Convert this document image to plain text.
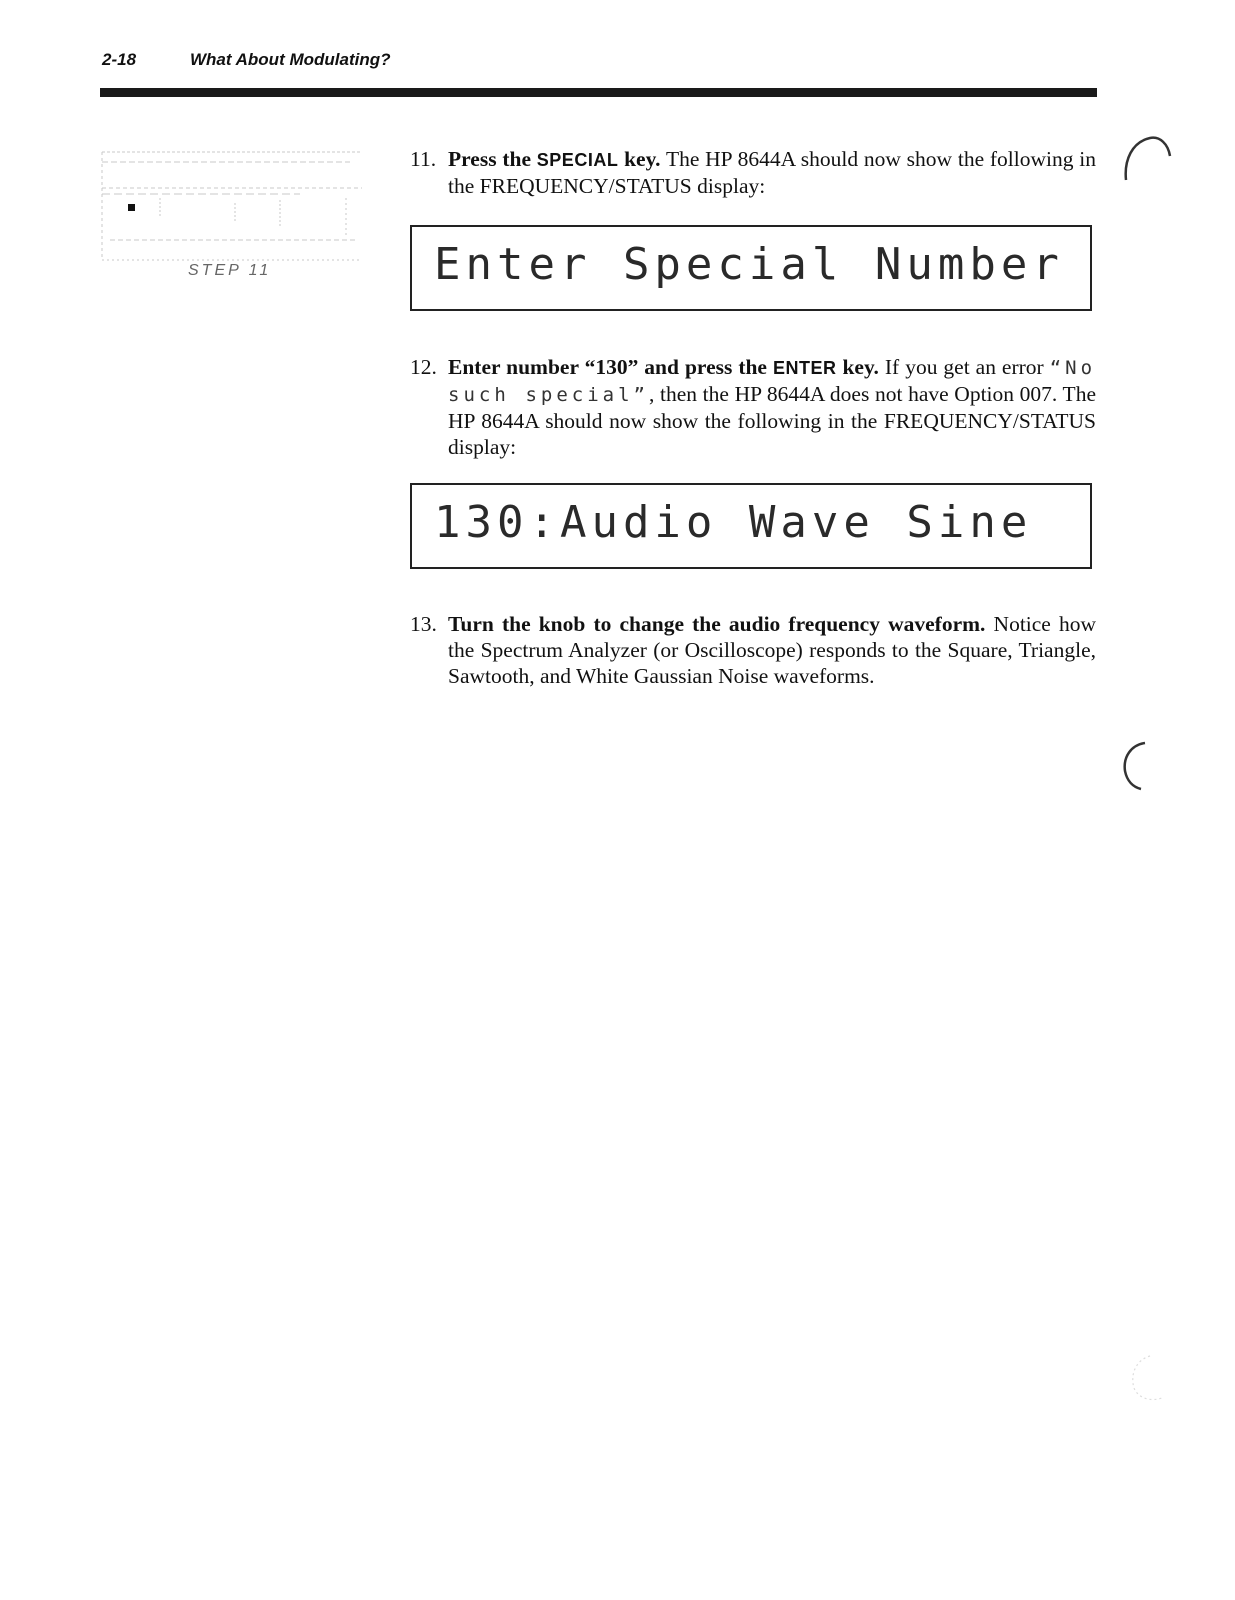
2-18	What About Modulating?
STEP 11
11. Press the SPECIAL key. The HP 8644A should now show the following in the FREQUENCY/STATUS display:
Enter Special Number
12. Enter number “130” and press the ENTER key. If you get an error “No such special”, then the HP 8644A does not have Option 007. The HP 8644A should now show the following in the FREQUENCY/STATUS display:
130:Audio Wave Sine
13. Turn the knob to change the audio frequency waveform. Notice how the Spectrum Analyzer (or Oscilloscope) responds to the Square, Triangle, Sawtooth, and White Gaussian Noise waveforms.
